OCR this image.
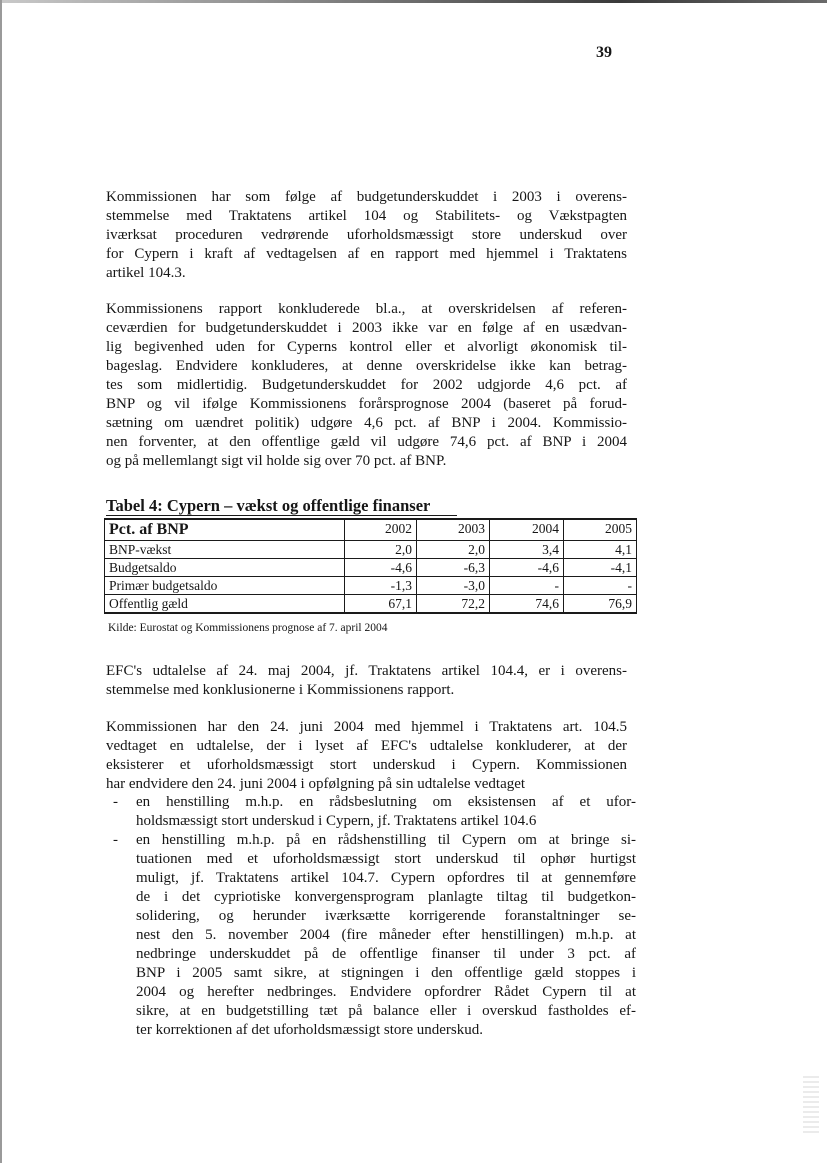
39

Kommissionen har som følge af budgetunderskuddet i 2003 i overens-
stemmelse med Traktatens artikel 104 og Stabilitets- og Vækstpagten
iværksat proceduren vedrørende uforholdsmæssigt store underskud over
for Cypern i kraft af vedtagelsen af en rapport med hjemmel i Traktatens
artikel 104.3.

Kommissionens rapport konkluderede bl.a., at overskridelsen af referen-
ceværdien for budgetunderskuddet i 2003 ikke var en følge af en usædvan-
lig begivenhed uden for Cyperns kontrol eller et alvorligt økonomisk til-
bageslag. Endvidere konkluderes, at denne overskridelse ikke kan betrag-
tes som midlertidig. Budgetunderskuddet for 2002 udgjorde 4,6 pct. af
BNP og vil ifølge Kommissionens forårsprognose 2004 (baseret på forud-
sætning om uændret politik) udgøre 4,6 pct. af BNP i 2004. Kommissio-
nen forventer, at den offentlige gæld vil udgøre 74,6 pct. af BNP i 2004
og på mellemlangt sigt vil holde sig over 70 pct. af BNP.

Tabel 4: Cypern – vækst og offentlige finanser

Pct. af BNP	2002	2003	2004	2005
BNP-vækst	2,0	2,0	3,4	4,1
Budgetsaldo	-4,6	-6,3	-4,6	-4,1
Primær budgetsaldo	-1,3	-3,0	-	-
Offentlig gæld	67,1	72,2	74,6	76,9

Kilde: Eurostat og Kommissionens prognose af 7. april 2004

EFC's udtalelse af 24. maj 2004, jf. Traktatens artikel 104.4, er i overens-
stemmelse med konklusionerne i Kommissionens rapport.

Kommissionen har den 24. juni 2004 med hjemmel i Traktatens art. 104.5
vedtaget en udtalelse, der i lyset af EFC's udtalelse konkluderer, at der
eksisterer et uforholdsmæssigt stort underskud i Cypern. Kommissionen
har endvidere den 24. juni 2004 i opfølgning på sin udtalelse vedtaget

- en henstilling m.h.p. en rådsbeslutning om eksistensen af et ufor-
holdsmæssigt stort underskud i Cypern, jf. Traktatens artikel 104.6
- en henstilling m.h.p. på en rådshenstilling til Cypern om at bringe si-
tuationen med et uforholdsmæssigt stort underskud til ophør hurtigst
muligt, jf. Traktatens artikel 104.7. Cypern opfordres til at gennemføre
de i det cypriotiske konvergensprogram planlagte tiltag til budgetkon-
solidering, og herunder iværksætte korrigerende foranstaltninger se-
nest den 5. november 2004 (fire måneder efter henstillingen) m.h.p. at
nedbringe underskuddet på de offentlige finanser til under 3 pct. af
BNP i 2005 samt sikre, at stigningen i den offentlige gæld stoppes i
2004 og herefter nedbringes. Endvidere opfordrer Rådet Cypern til at
sikre, at en budgetstilling tæt på balance eller i overskud fastholdes ef-
ter korrektionen af det uforholdsmæssigt store underskud.
